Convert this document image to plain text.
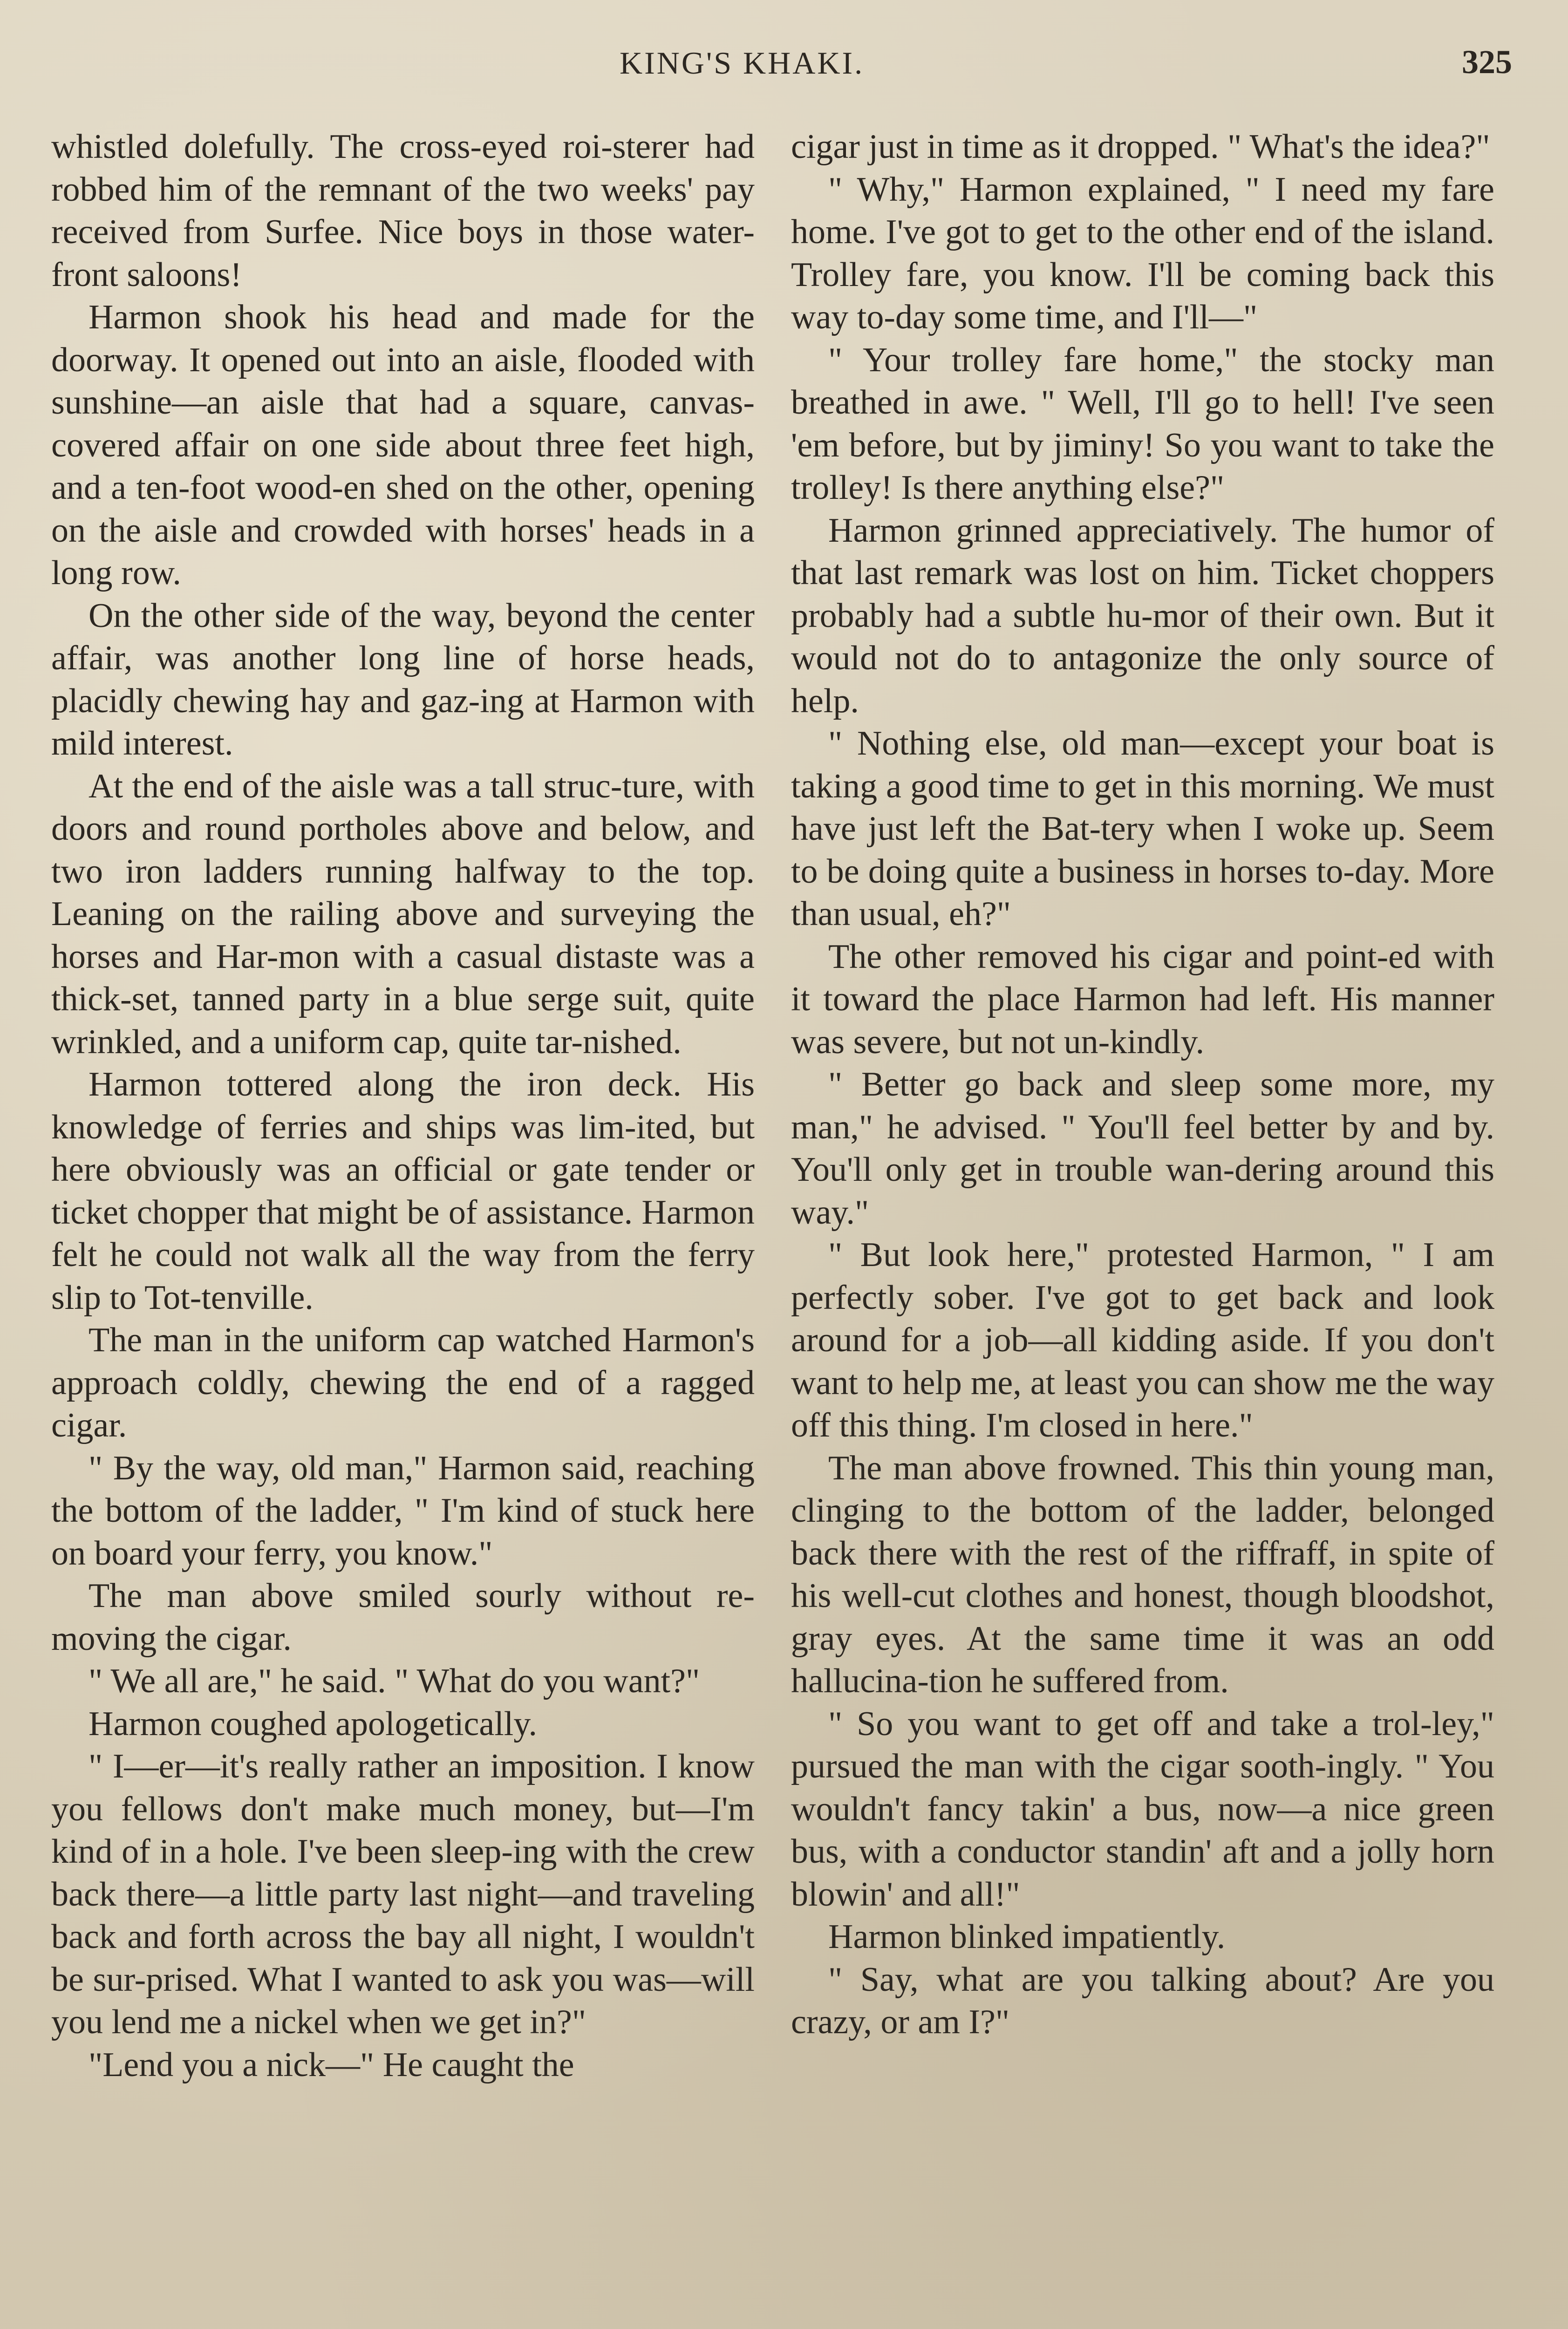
KING'S KHAKI.	325

whistled dolefully. The cross-eyed roi-sterer had robbed him of the remnant of the two weeks' pay received from Surfee. Nice boys in those water-front saloons!

Harmon shook his head and made for the doorway. It opened out into an aisle, flooded with sunshine—an aisle that had a square, canvas-covered affair on one side about three feet high, and a ten-foot wood-en shed on the other, opening on the aisle and crowded with horses' heads in a long row.

On the other side of the way, beyond the center affair, was another long line of horse heads, placidly chewing hay and gaz-ing at Harmon with mild interest.

At the end of the aisle was a tall struc-ture, with doors and round portholes above and below, and two iron ladders running halfway to the top. Leaning on the railing above and surveying the horses and Har-mon with a casual distaste was a thick-set, tanned party in a blue serge suit, quite wrinkled, and a uniform cap, quite tar-nished.

Harmon tottered along the iron deck. His knowledge of ferries and ships was lim-ited, but here obviously was an official or gate tender or ticket chopper that might be of assistance. Harmon felt he could not walk all the way from the ferry slip to Tot-tenville.

The man in the uniform cap watched Harmon's approach coldly, chewing the end of a ragged cigar.

" By the way, old man," Harmon said, reaching the bottom of the ladder, " I'm kind of stuck here on board your ferry, you know."

The man above smiled sourly without re-moving the cigar.

" We all are," he said. " What do you want?"

Harmon coughed apologetically.

" I—er—it's really rather an imposition. I know you fellows don't make much money, but—I'm kind of in a hole. I've been sleep-ing with the crew back there—a little party last night—and traveling back and forth across the bay all night, I wouldn't be sur-prised. What I wanted to ask you was—will you lend me a nickel when we get in?"

"Lend you a nick—" He caught the

cigar just in time as it dropped. " What's the idea?"

" Why," Harmon explained, " I need my fare home. I've got to get to the other end of the island. Trolley fare, you know. I'll be coming back this way to-day some time, and I'll—"

" Your trolley fare home," the stocky man breathed in awe. " Well, I'll go to hell! I've seen 'em before, but by jiminy! So you want to take the trolley! Is there anything else?"

Harmon grinned appreciatively. The humor of that last remark was lost on him. Ticket choppers probably had a subtle hu-mor of their own. But it would not do to antagonize the only source of help.

" Nothing else, old man—except your boat is taking a good time to get in this morning. We must have just left the Bat-tery when I woke up. Seem to be doing quite a business in horses to-day. More than usual, eh?"

The other removed his cigar and point-ed with it toward the place Harmon had left. His manner was severe, but not un-kindly.

" Better go back and sleep some more, my man," he advised. " You'll feel better by and by. You'll only get in trouble wan-dering around this way."

" But look here," protested Harmon, " I am perfectly sober. I've got to get back and look around for a job—all kidding aside. If you don't want to help me, at least you can show me the way off this thing. I'm closed in here."

The man above frowned. This thin young man, clinging to the bottom of the ladder, belonged back there with the rest of the riffraff, in spite of his well-cut clothes and honest, though bloodshot, gray eyes. At the same time it was an odd hallucina-tion he suffered from.

" So you want to get off and take a trol-ley," pursued the man with the cigar sooth-ingly. " You wouldn't fancy takin' a bus, now—a nice green bus, with a conductor standin' aft and a jolly horn blowin' and all!"

Harmon blinked impatiently.

" Say, what are you talking about? Are you crazy, or am I?"
